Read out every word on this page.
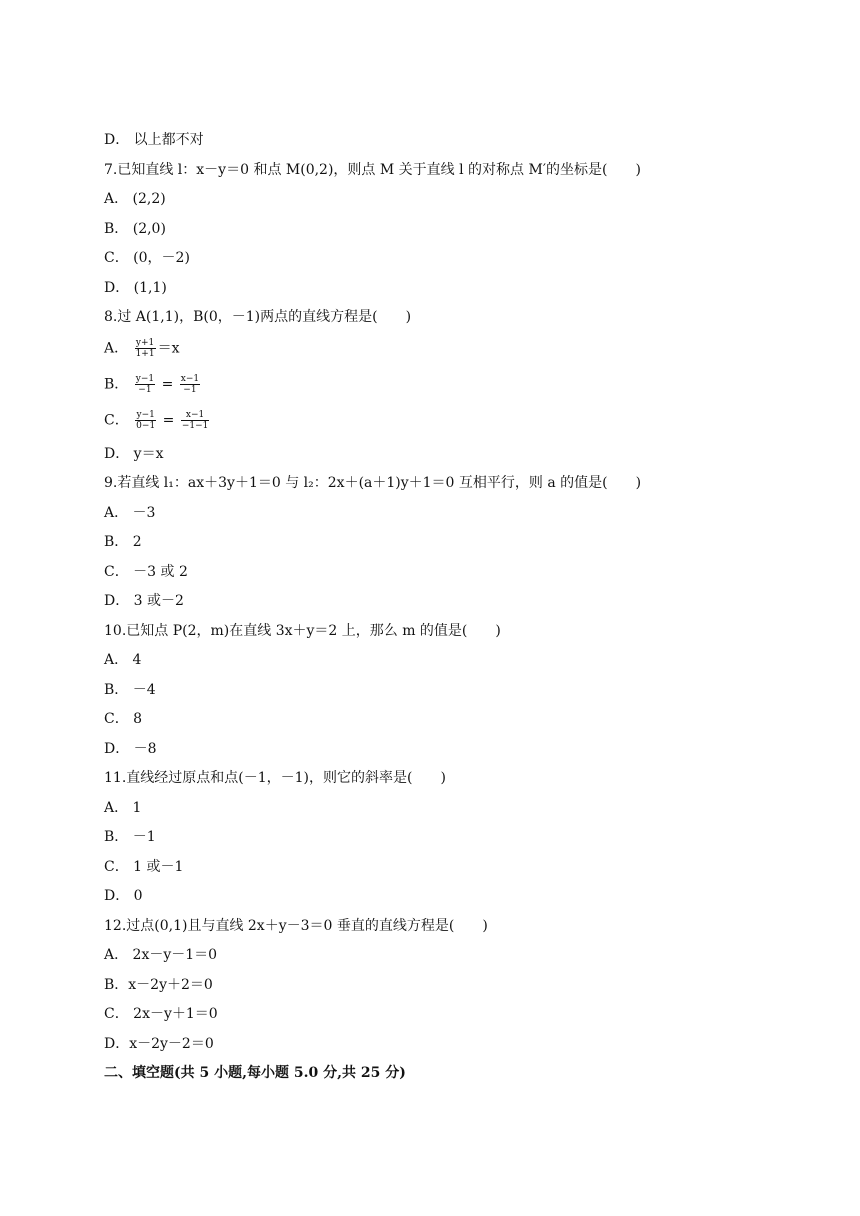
D． 以上都不对
7.已知直线 l：x－y＝0 和点 M(0,2)，则点 M 关于直线 l 的对称点 M′的坐标是(　　)
A． (2,2)
B． (2,0)
C． (0，－2)
D． (1,1)
8.过 A(1,1)，B(0，－1)两点的直线方程是(　　)
A． $\frac{y+1}{1+1} =x$
B． $\frac{y-1}{-1} = \frac{x-1}{-1}$
C． $\frac{y-1}{0-1} = \frac{x-1}{-1-1}$
D． y＝x
9.若直线 l₁：ax＋3y＋1＝0 与 l₂：2x＋(a＋1)y＋1＝0 互相平行，则 a 的值是(　　)
A． －3
B． 2
C． －3 或 2
D． 3 或－2
10.已知点 P(2，m)在直线 3x＋y＝2 上，那么 m 的值是(　　)
A． 4
B． －4
C． 8
D． －8
11.直线经过原点和点(－1，－1)，则它的斜率是(　　)
A． 1
B． －1
C． 1 或－1
D． 0
12.过点(0,1)且与直线 2x＋y－3＝0 垂直的直线方程是(　　)
A． 2x－y－1＝0
B．x－2y＋2＝0
C． 2x－y＋1＝0
D．x－2y－2＝0
二、填空题(共 5 小题,每小题 5.0 分,共 25 分)
